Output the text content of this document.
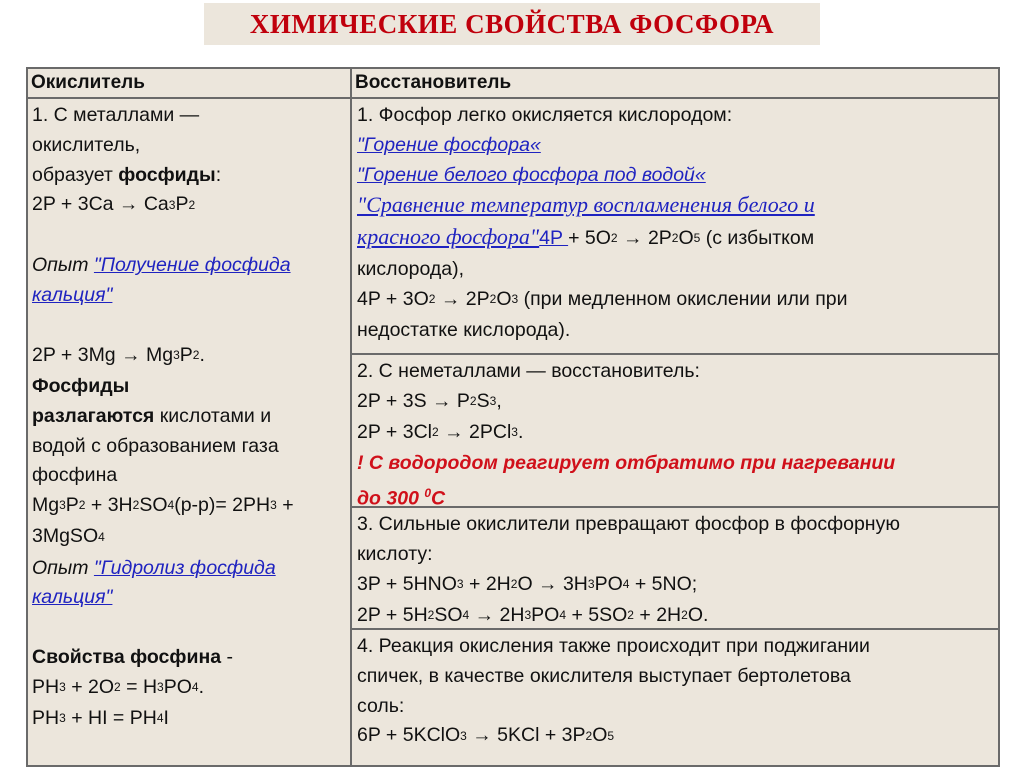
ХИМИЧЕСКИЕ СВОЙСТВА ФОСФОРА
Окислитель
1. С металлами —
окислитель,
образует фосфиды:
2P + 3Ca → Ca3P2
Опыт "Получение фосфида
кальция"
2P + 3Mg → Mg3P2.
Фосфиды
разлагаются кислотами и
водой с образованием газа
фосфина
Mg3P2 + 3H2SO4(р-р)= 2PH3 +
3MgSO4
Опыт "Гидролиз фосфида
кальция"
Свойства фосфина -
PH3 + 2O2 = H3PO4.
PH3 + HI = PH4I
Восстановитель
1. Фосфор легко окисляется кислородом:
"Горение фосфора«
"Горение белого фосфора под водой«
"Сравнение температур воспламенения белого и
красного фосфора"4P + 5O2 → 2P2O5 (с избытком
кислорода),
4P + 3O2 → 2P2O3 (при медленном окислении или при
недостатке кислорода).
2. С неметаллами — восстановитель:
2P + 3S → P2S3,
2P + 3Cl2 → 2PCl3.
! С водородом реагирует отбратимо при нагревании
до 300 $^0$С
3. Сильные окислители превращают фосфор в фосфорную
кислоту:
3P + 5HNO3 + 2H2O → 3H3PO4 + 5NO;
2P + 5H2SO4 → 2H3PO4 + 5SO2 + 2H2O.
4. Реакция окисления также происходит при поджигании
спичек, в качестве окислителя выступает бертолетова
соль:
6P + 5KClO3 → 5KCl + 3P2O5
